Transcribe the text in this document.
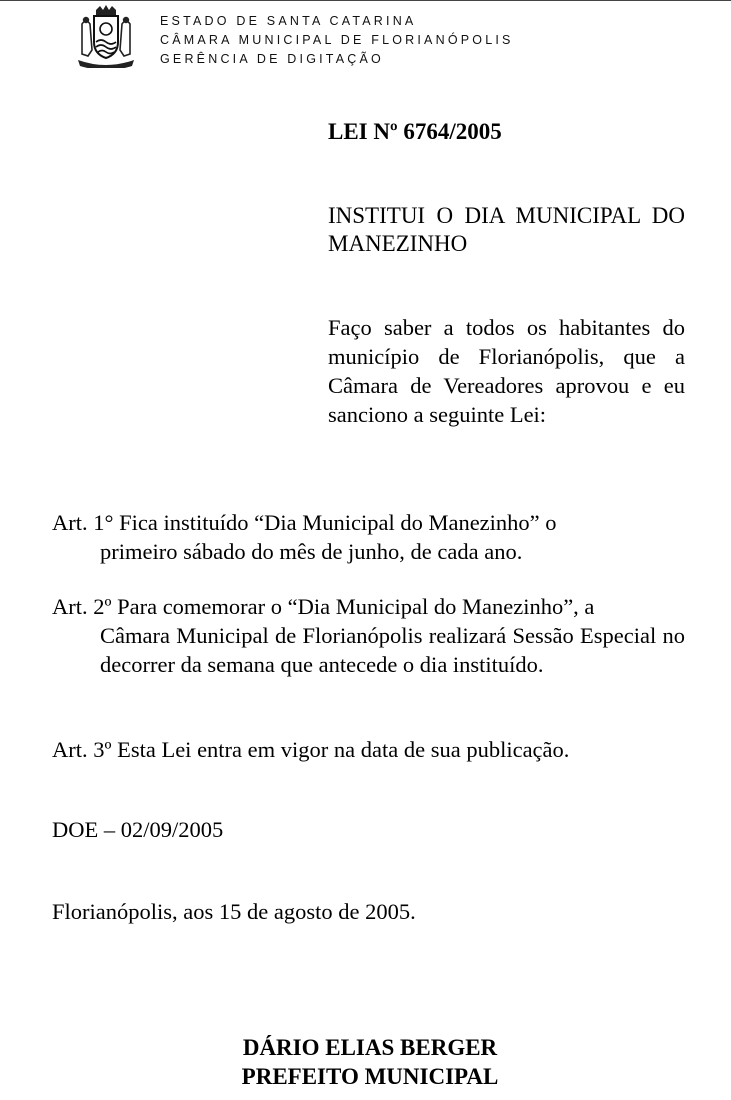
ESTADO DE SANTA CATARINA
CÂMARA MUNICIPAL DE FLORIANÓPOLIS
GERÊNCIA DE DIGITAÇÃO
LEI Nº 6764/2005
INSTITUI O DIA MUNICIPAL DO MANEZINHO
Faço saber a todos os habitantes do município de Florianópolis, que a Câmara de Vereadores aprovou e eu sanciono a seguinte Lei:
Art. 1° Fica instituído “Dia Municipal do Manezinho” o
primeiro sábado do mês de junho, de cada ano.
Art. 2º Para comemorar o “Dia Municipal do Manezinho”, a
Câmara Municipal de Florianópolis realizará Sessão Especial no decorrer da semana que antecede o dia instituído.
Art. 3º Esta Lei entra em vigor na data de sua publicação.
DOE – 02/09/2005
Florianópolis, aos 15 de agosto de 2005.
DÁRIO ELIAS BERGER
PREFEITO MUNICIPAL
